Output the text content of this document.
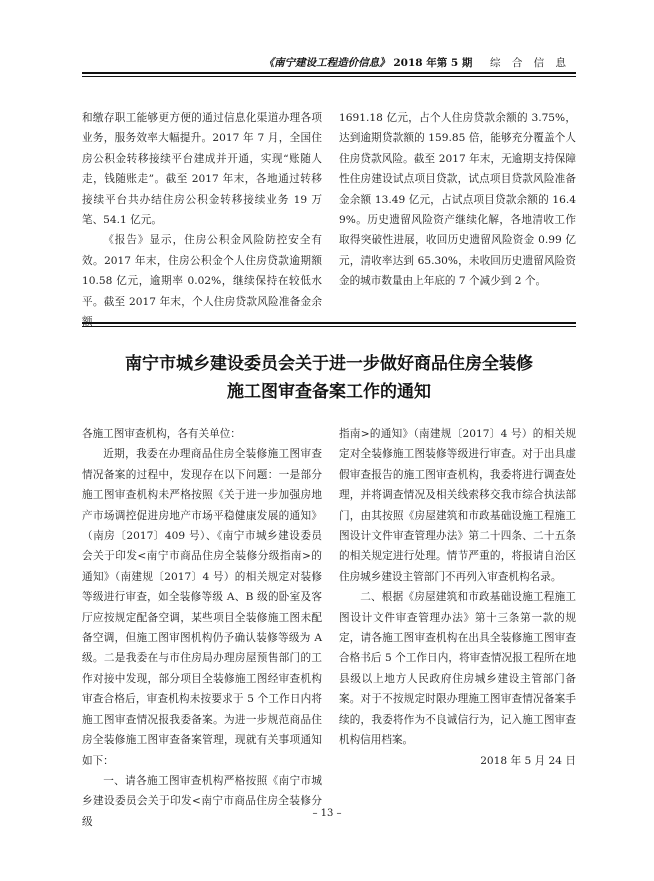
《南宁建设工程造价信息》 2018 年第 5 期 综 合 信 息

和缴存职工能够更方便的通过信息化渠道办理各项业务，服务效率大幅提升。2017 年 7 月，全国住房公积金转移接续平台建成并开通，实现“账随人走，钱随账走”。截至 2017 年末，各地通过转移接续平台共办结住房公积金转移接续业务 19 万笔、54.1 亿元。

《报告》显示，住房公积金风险防控安全有效。2017 年末，住房公积金个人住房贷款逾期额 10.58 亿元，逾期率 0.02%，继续保持在较低水平。截至 2017 年末，个人住房贷款风险准备金余

1691.18 亿元，占个人住房贷款余额的 3.75%，达到逾期贷款额的 159.85 倍，能够充分覆盖个人住房贷款风险。截至 2017 年末，无逾期支持保障性住房建设试点项目贷款，试点项目贷款风险准备金余额 13.49 亿元，占试点项目贷款余额的 16.49%。历史遗留风险资产继续化解，各地清收工作取得突破性进展，收回历史遗留风险资金 0.99 亿元，清收率达到 65.30%，未收回历史遗留风险资金的城市数量由上年底的 7 个减少到 2 个。

南宁市城乡建设委员会关于进一步做好商品住房全装修
施工图审查备案工作的通知

各施工图审查机构，各有关单位：

近期，我委在办理商品住房全装修施工图审查情况备案的过程中，发现存在以下问题：一是部分施工图审查机构未严格按照《关于进一步加强房地产市场调控促进房地产市场平稳健康发展的通知》（南房〔2017〕409 号）、《南宁市城乡建设委员会关于印发<南宁市商品住房全装修分级指南>的通知》（南建规〔2017〕4 号）的相关规定对装修等级进行审查，如全装修等级 A、B 级的卧室及客厅应按规定配备空调，某些项目全装修施工图未配备空调，但施工图审图机构仍予确认装修等级为 A 级。二是我委在与市住房局办理房屋预售部门的工作对接中发现，部分项目全装修施工图经审查机构审查合格后，审查机构未按要求于 5 个工作日内将施工图审查情况报我委备案。为进一步规范商品住房全装修施工图审查备案管理，现就有关事项通知如下：

一、请各施工图审查机构严格按照《南宁市城乡建设委员会关于印发<南宁市商品住房全装修分级

指南>的通知》（南建规〔2017〕4 号）的相关规定对全装修施工图装修等级进行审查。对于出具虚假审查报告的施工图审查机构，我委将进行调查处理，并将调查情况及相关线索移交我市综合执法部门，由其按照《房屋建筑和市政基础设施工程施工图设计文件审查管理办法》第二十四条、二十五条的相关规定进行处理。情节严重的，将报请自治区住房城乡建设主管部门不再列入审查机构名录。

二、根据《房屋建筑和市政基础设施工程施工图设计文件审查管理办法》第十三条第一款的规定，请各施工图审查机构在出具全装修施工图审查合格书后 5 个工作日内，将审查情况报工程所在地县级以上地方人民政府住房城乡建设主管部门备案。对于不按规定时限办理施工图审查情况备案手续的，我委将作为不良诚信行为，记入施工图审查机构信用档案。

2018 年 5 月 24 日

– 13 –
